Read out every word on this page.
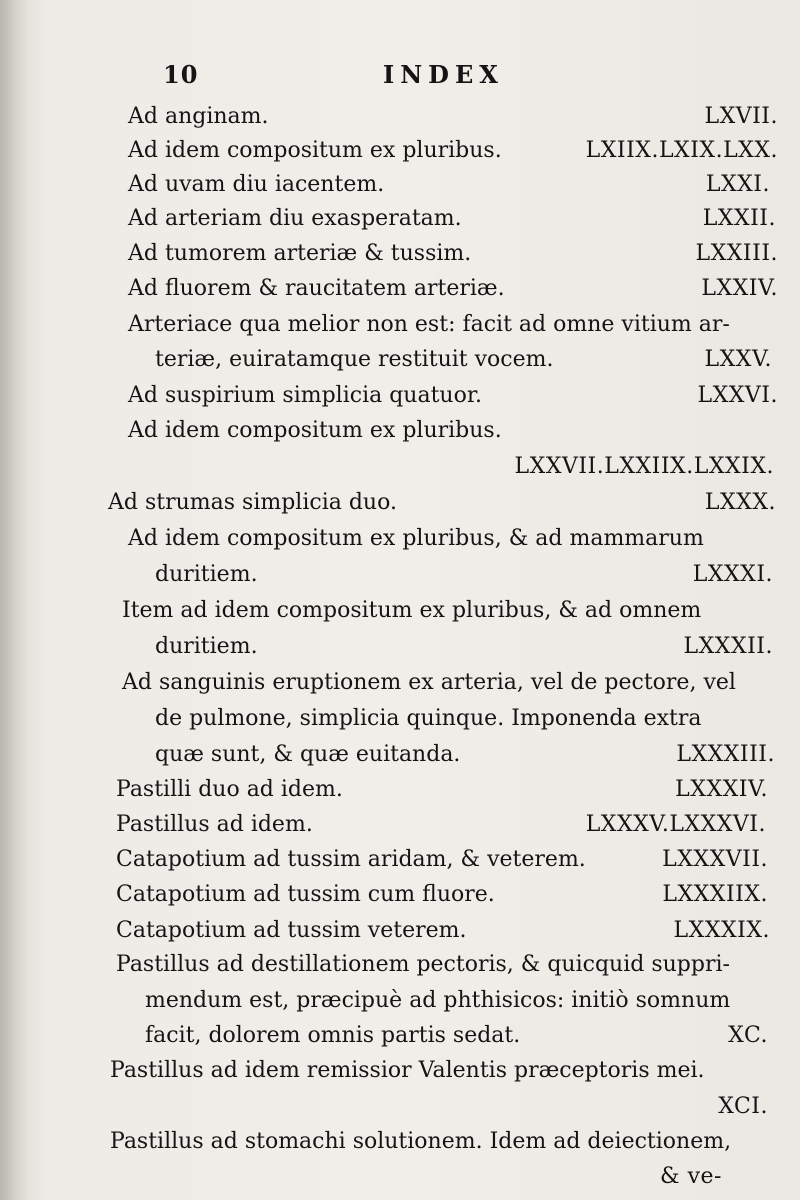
10	INDEX
Ad anginam.	LXVII.
Ad idem compositum ex pluribus.	LXIIX.LXIX.LXX.
Ad uvam diu iacentem.	LXXI.
Ad arteriam diu exasperatam.	LXXII.
Ad tumorem arteriæ & tussim.	LXXIII.
Ad fluorem & raucitatem arteriæ.	LXXIV.
Arteriace qua melior non est: facit ad omne vitium ar-
teriæ, euiratamque restituit vocem.	LXXV.
Ad suspirium simplicia quatuor.	LXXVI.
Ad idem compositum ex pluribus.
LXXVII.LXXIIX.LXXIX.
Ad strumas simplicia duo.	LXXX.
Ad idem compositum ex pluribus, & ad mammarum
duritiem.	LXXXI.
Item ad idem compositum ex pluribus, & ad omnem
duritiem.	LXXXII.
Ad sanguinis eruptionem ex arteria, vel de pectore, vel
de pulmone, simplicia quinque. Imponenda extra
quæ sunt, & quæ euitanda.	LXXXIII.
Pastilli duo ad idem.	LXXXIV.
Pastillus ad idem.	LXXXV.LXXXVI.
Catapotium ad tussim aridam, & veterem.	LXXXVII.
Catapotium ad tussim cum fluore.	LXXXIIX.
Catapotium ad tussim veterem.	LXXXIX.
Pastillus ad destillationem pectoris, & quicquid suppri-
mendum est, præcipuè ad phthisicos: initiò somnum
facit, dolorem omnis partis sedat.	XC.
Pastillus ad idem remissior Valentis præceptoris mei.
XCI.
Pastillus ad stomachi solutionem. Idem ad deiectionem,
& ve-
